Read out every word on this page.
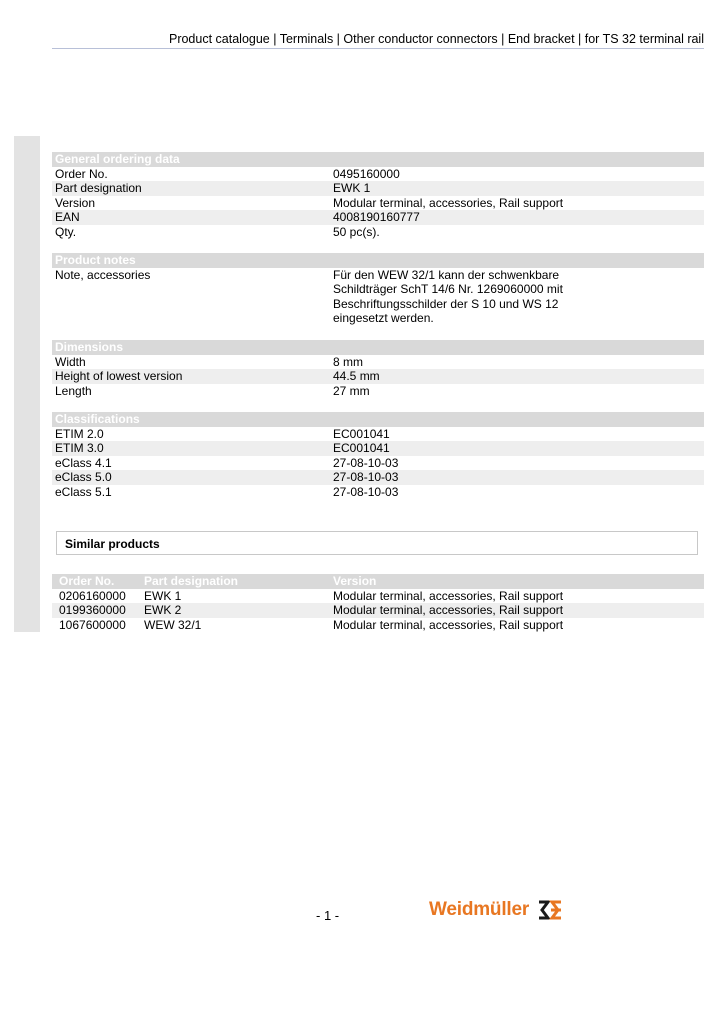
Product catalogue | Terminals | Other conductor connectors | End bracket | for TS 32 terminal rail
General ordering data
Order No.	0495160000
Part designation	EWK 1
Version	Modular terminal, accessories, Rail support
EAN	4008190160777
Qty.	50 pc(s).
Product notes
Note, accessories	Für den WEW 32/1 kann der schwenkbare
Schildträger SchT 14/6 Nr. 1269060000 mit
Beschriftungsschilder der S 10 und WS 12
eingesetzt werden.
Dimensions
Width	8 mm
Height of lowest version	44.5 mm
Length	27 mm
Classifications
ETIM 2.0	EC001041
ETIM 3.0	EC001041
eClass 4.1	27-08-10-03
eClass 5.0	27-08-10-03
eClass 5.1	27-08-10-03
Similar products
Order No.	Part designation	Version
0206160000	EWK 1	Modular terminal, accessories, Rail support
0199360000	EWK 2	Modular terminal, accessories, Rail support
1067600000	WEW 32/1	Modular terminal, accessories, Rail support
- 1 -	Weidmüller
